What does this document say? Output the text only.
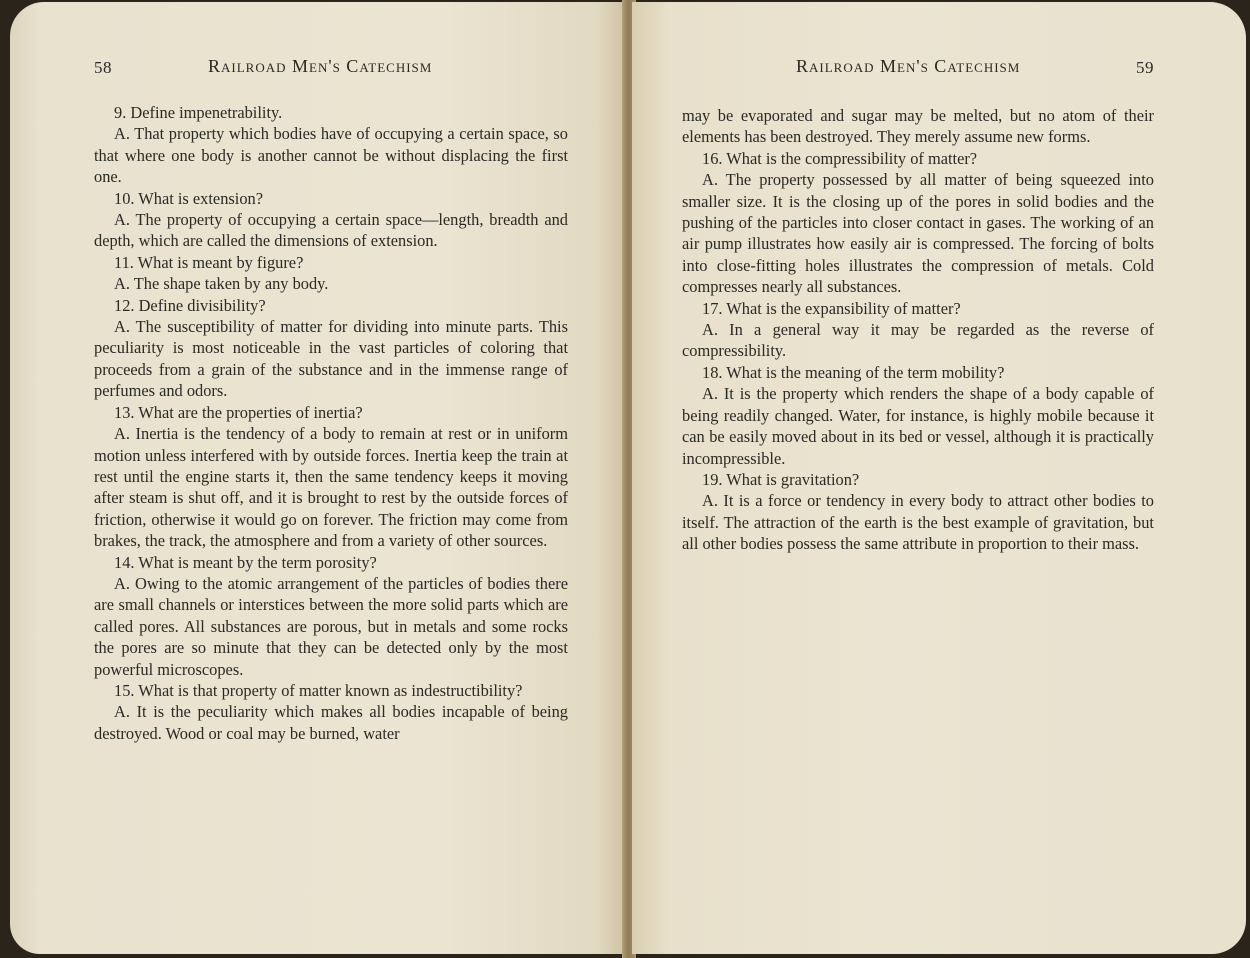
58	Railroad Men's Catechism

9. Define impenetrability.

A. That property which bodies have of occupying a certain space, so that where one body is another cannot be without displacing the first one.

10. What is extension?

A. The property of occupying a certain space—length, breadth and depth, which are called the dimensions of extension.

11. What is meant by figure?

A. The shape taken by any body.

12. Define divisibility?

A. The susceptibility of matter for dividing into minute parts. This peculiarity is most noticeable in the vast particles of coloring that proceeds from a grain of the substance and in the immense range of perfumes and odors.

13. What are the properties of inertia?

A. Inertia is the tendency of a body to remain at rest or in uniform motion unless interfered with by outside forces. Inertia keep the train at rest until the engine starts it, then the same tendency keeps it moving after steam is shut off, and it is brought to rest by the outside forces of friction, otherwise it would go on forever. The friction may come from brakes, the track, the atmosphere and from a variety of other sources.

14. What is meant by the term porosity?

A. Owing to the atomic arrangement of the particles of bodies there are small channels or interstices between the more solid parts which are called pores. All substances are porous, but in metals and some rocks the pores are so minute that they can be detected only by the most powerful microscopes.

15. What is that property of matter known as indestructibility?

A. It is the peculiarity which makes all bodies incapable of being destroyed. Wood or coal may be burned, water

Railroad Men's Catechism	59

may be evaporated and sugar may be melted, but no atom of their elements has been destroyed. They merely assume new forms.

16. What is the compressibility of matter?

A. The property possessed by all matter of being squeezed into smaller size. It is the closing up of the pores in solid bodies and the pushing of the particles into closer contact in gases. The working of an air pump illustrates how easily air is compressed. The forcing of bolts into close-fitting holes illustrates the compression of metals. Cold compresses nearly all substances.

17. What is the expansibility of matter?

A. In a general way it may be regarded as the reverse of compressibility.

18. What is the meaning of the term mobility?

A. It is the property which renders the shape of a body capable of being readily changed. Water, for instance, is highly mobile because it can be easily moved about in its bed or vessel, although it is practically incompressible.

19. What is gravitation?

A. It is a force or tendency in every body to attract other bodies to itself. The attraction of the earth is the best example of gravitation, but all other bodies possess the same attribute in proportion to their mass.
